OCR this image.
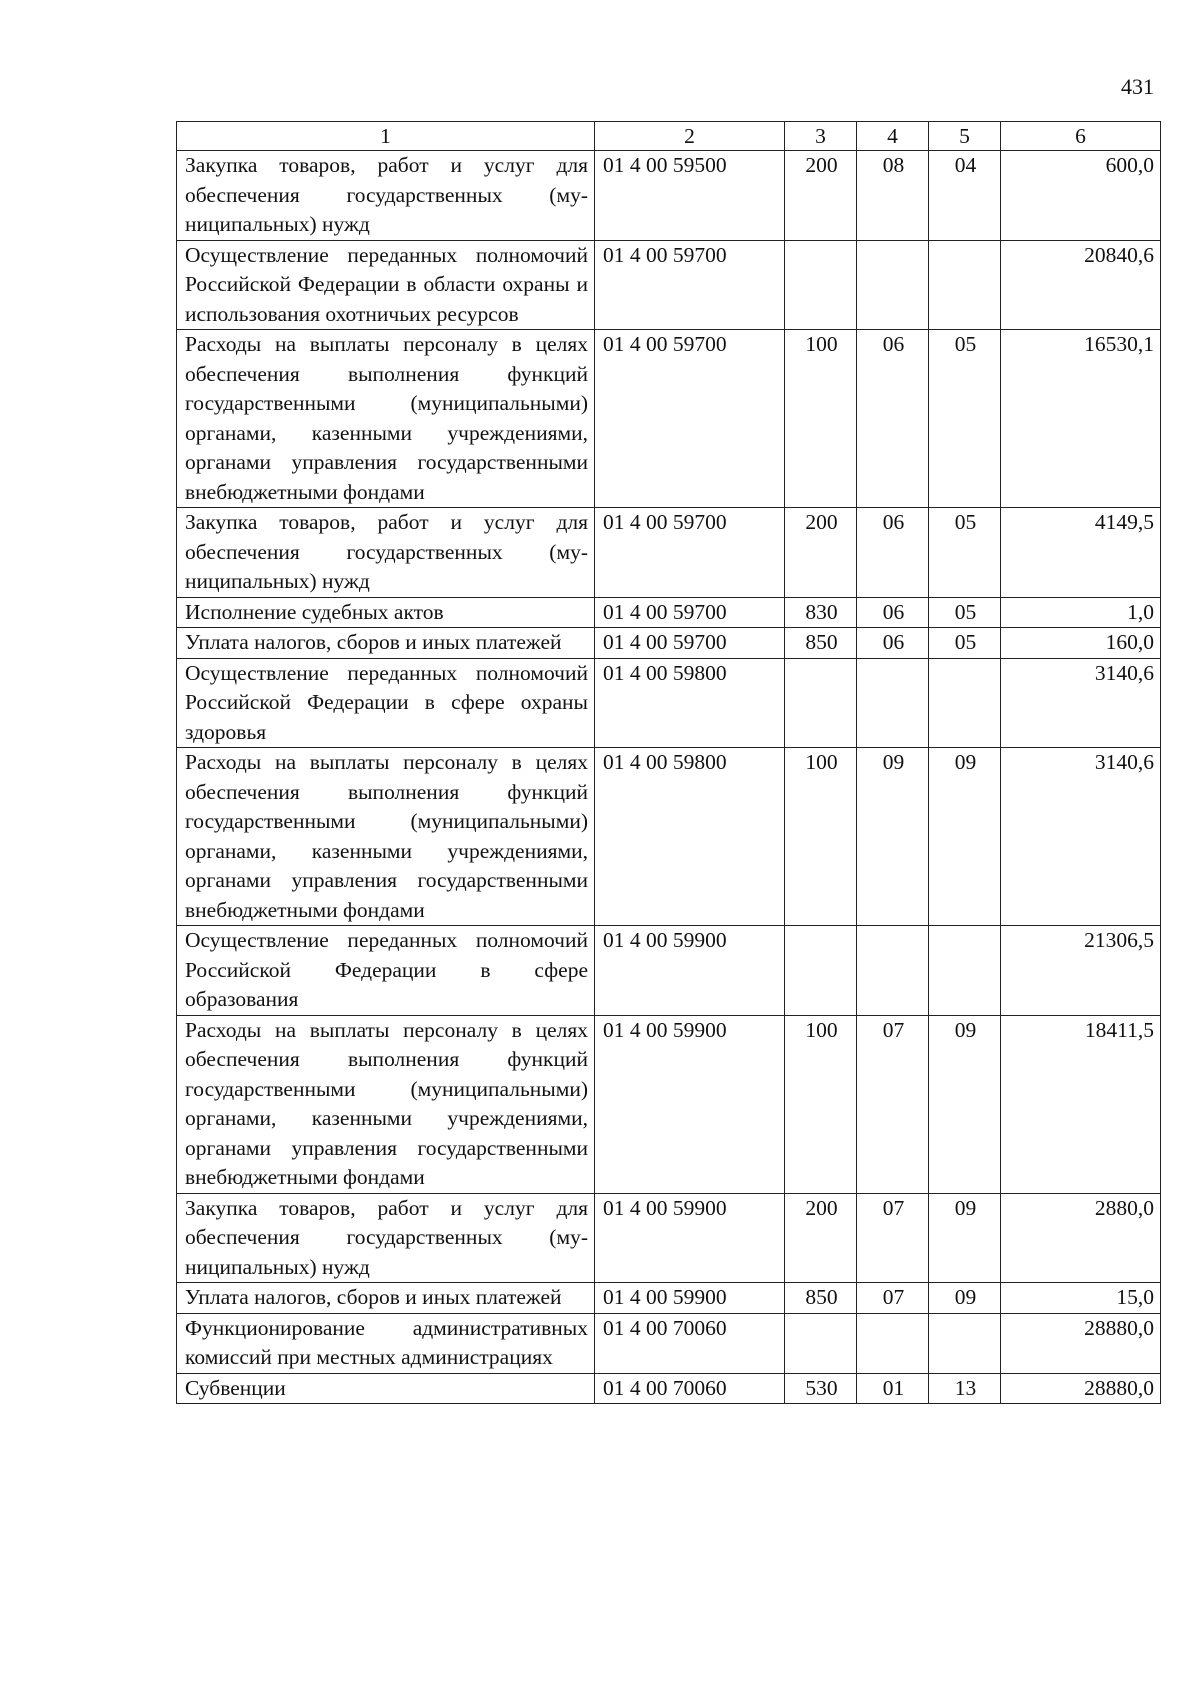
431
1	2	3	4	5	6
Закупка товаров, работ и услуг для обеспечения государственных (муниципальных) нужд	01 4 00 59500	200	08	04	600,0
Осуществление переданных полномочий Российской Федерации в области охраны и использования охотничьих ресурсов	01 4 00 59700				20840,6
Расходы на выплаты персоналу в целях обеспечения выполнения функций государственными (муниципальными) органами, казенными учреждениями, органами управления государственными внебюджетными фондами	01 4 00 59700	100	06	05	16530,1
Закупка товаров, работ и услуг для обеспечения государственных (муниципальных) нужд	01 4 00 59700	200	06	05	4149,5
Исполнение судебных актов	01 4 00 59700	830	06	05	1,0
Уплата налогов, сборов и иных платежей	01 4 00 59700	850	06	05	160,0
Осуществление переданных полномочий Российской Федерации в сфере охраны здоровья	01 4 00 59800				3140,6
Расходы на выплаты персоналу в целях обеспечения выполнения функций государственными (муниципальными) органами, казенными учреждениями, органами управления государственными внебюджетными фондами	01 4 00 59800	100	09	09	3140,6
Осуществление переданных полномочий Российской Федерации в сфере образования	01 4 00 59900				21306,5
Расходы на выплаты персоналу в целях обеспечения выполнения функций государственными (муниципальными) органами, казенными учреждениями, органами управления государственными внебюджетными фондами	01 4 00 59900	100	07	09	18411,5
Закупка товаров, работ и услуг для обеспечения государственных (муниципальных) нужд	01 4 00 59900	200	07	09	2880,0
Уплата налогов, сборов и иных платежей	01 4 00 59900	850	07	09	15,0
Функционирование административных комиссий при местных администрациях	01 4 00 70060				28880,0
Субвенции	01 4 00 70060	530	01	13	28880,0
